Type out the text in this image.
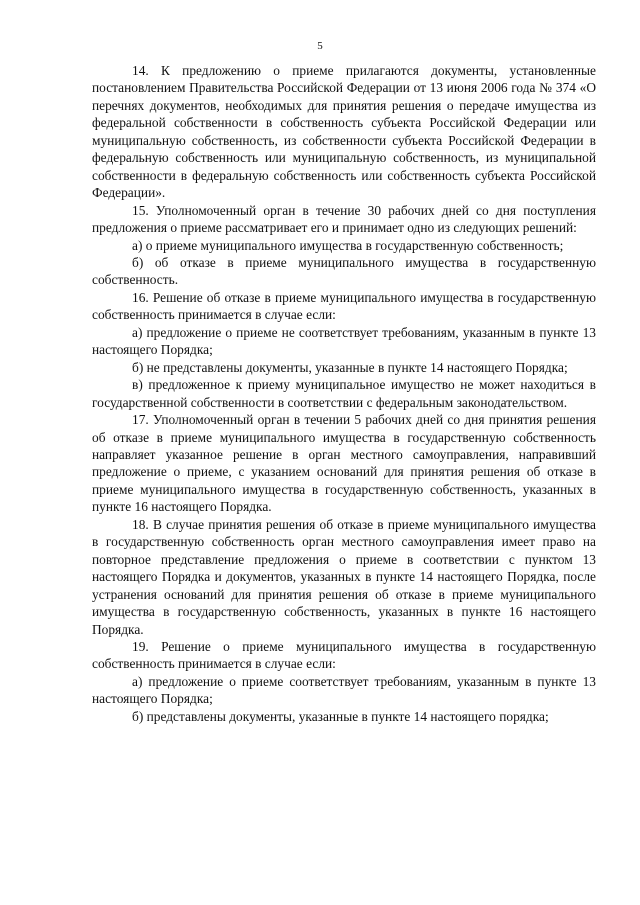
5

14. К предложению о приеме прилагаются документы, установленные постановлением Правительства Российской Федерации от 13 июня 2006 года № 374 «О перечнях документов, необходимых для принятия решения о передаче имущества из федеральной собственности в собственность субъекта Российской Федерации или муниципальную собственность, из собственности субъекта Российской Федерации в федеральную собственность или муниципальную собственность, из муниципальной собственности в федеральную собственность или собственность субъекта Российской Федерации».

15. Уполномоченный орган в течение 30 рабочих дней со дня поступления предложения о приеме рассматривает его и принимает одно из следующих решений:

а) о приеме муниципального имущества в государственную собственность;

б) об отказе в приеме муниципального имущества в государственную собственность.

16. Решение об отказе в приеме муниципального имущества в государственную собственность принимается в случае если:

а) предложение о приеме не соответствует требованиям, указанным в пункте 13 настоящего Порядка;

б) не представлены документы, указанные в пункте 14 настоящего Порядка;

в) предложенное к приему муниципальное имущество не может находиться в государственной собственности в соответствии с федеральным законодательством.

17. Уполномоченный орган в течении 5 рабочих дней со дня принятия решения об отказе в приеме муниципального имущества в государственную собственность направляет указанное решение в орган местного самоуправления, направивший предложение о приеме, с указанием оснований для принятия решения об отказе в приеме муниципального имущества в государственную собственность, указанных в пункте 16 настоящего Порядка.

18. В случае принятия решения об отказе в приеме муниципального имущества в государственную собственность орган местного самоуправления имеет право на повторное представление предложения о приеме в соответствии с пунктом 13 настоящего Порядка и документов, указанных в пункте 14 настоящего Порядка, после устранения оснований для принятия решения об отказе в приеме муниципального имущества в государственную собственность, указанных в пункте 16 настоящего Порядка.

19. Решение о приеме муниципального имущества в государственную собственность принимается в случае если:

а) предложение о приеме соответствует требованиям, указанным в пункте 13 настоящего Порядка;

б) представлены документы, указанные в пункте 14 настоящего порядка;
